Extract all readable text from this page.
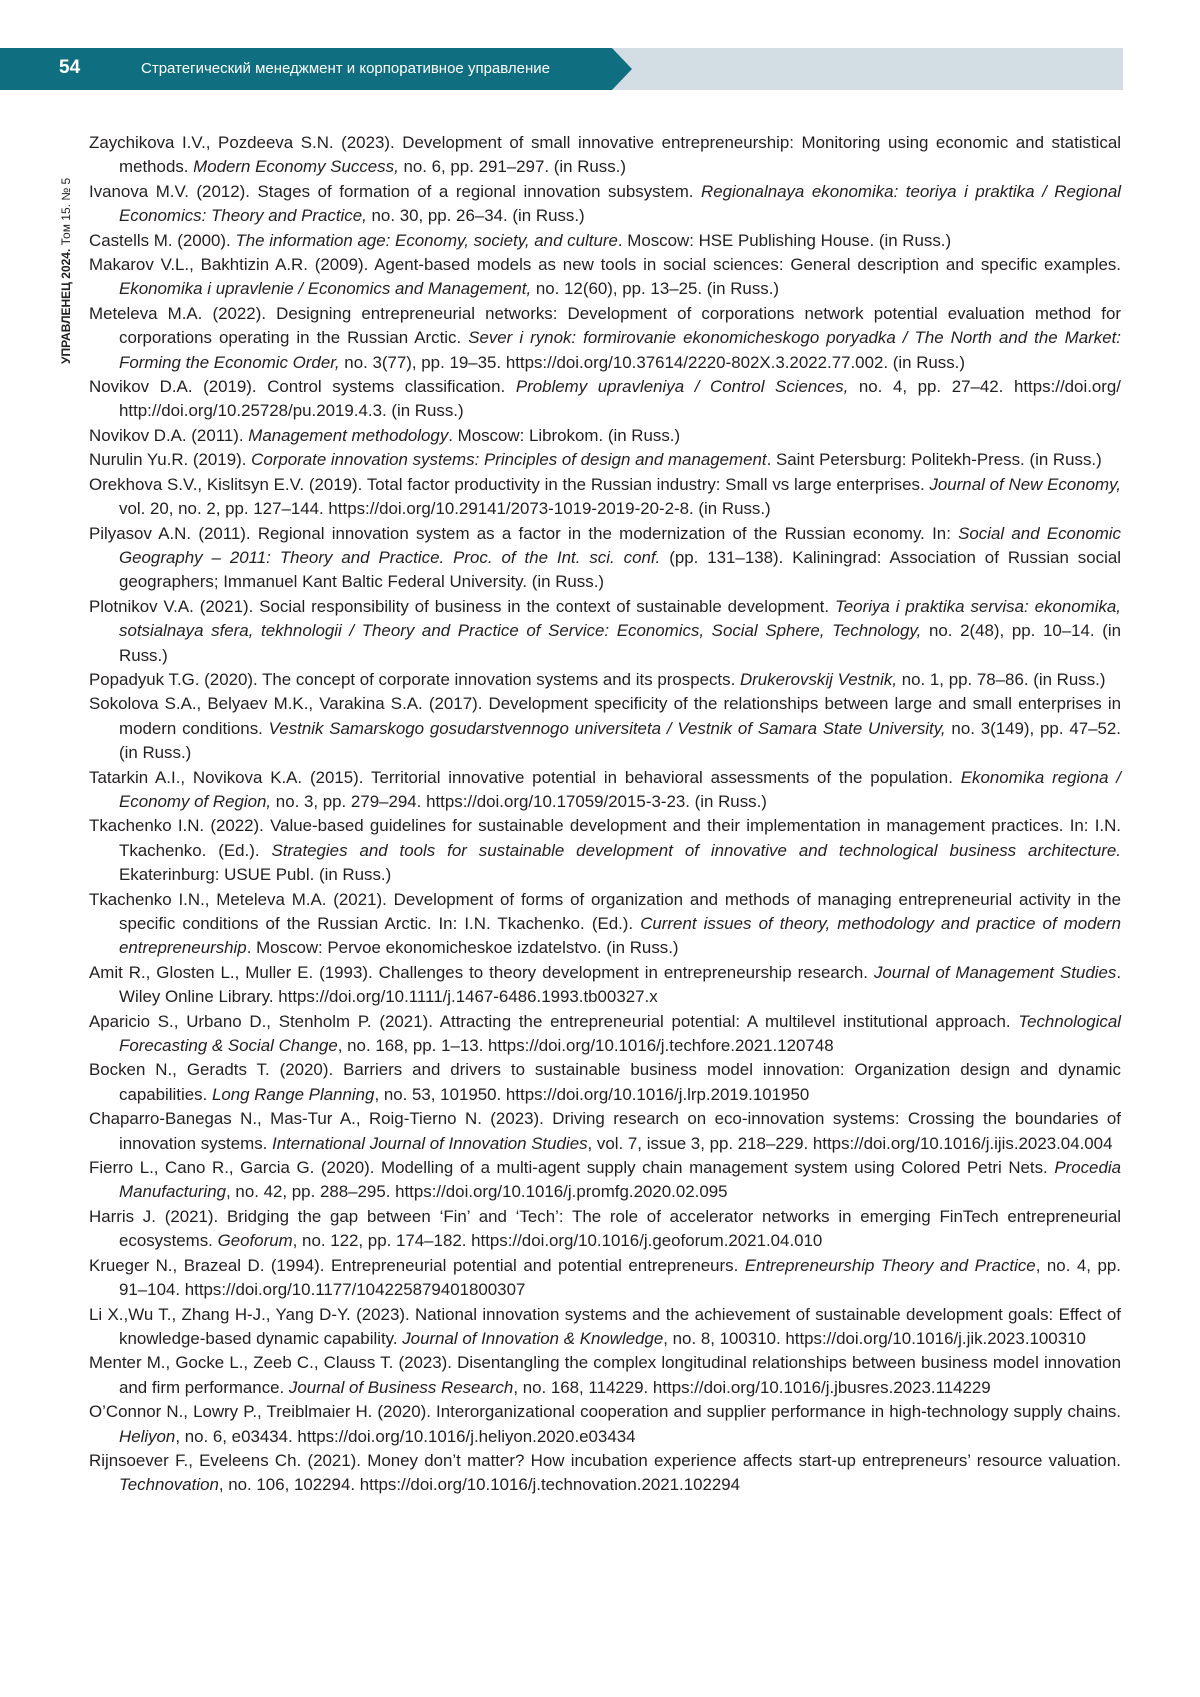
54	Стратегический менеджмент и корпоративное управление
УПРАВЛЕНЕЦ 2024. Том 15. № 5

Zaychikova I.V., Pozdeeva S.N. (2023). Development of small innovative entrepreneurship: Monitoring using economic and statistical methods. Modern Economy Success, no. 6, pp. 291–297. (in Russ.)

Ivanova M.V. (2012). Stages of formation of a regional innovation subsystem. Regionalnaya ekonomika: teoriya i praktika / Regional Economics: Theory and Practice, no. 30, pp. 26–34. (in Russ.)

Castells M. (2000). The information age: Economy, society, and culture. Moscow: HSE Publishing House. (in Russ.)

Makarov V.L., Bakhtizin A.R. (2009). Agent-based models as new tools in social sciences: General description and specific examples. Ekonomika i upravlenie / Economics and Management, no. 12(60), pp. 13–25. (in Russ.)

Meteleva M.A. (2022). Designing entrepreneurial networks: Development of corporations network potential evaluation method for corporations operating in the Russian Arctic. Sever i rynok: formirovanie ekonomicheskogo poryadka / The North and the Market: Forming the Economic Order, no. 3(77), pp. 19–35. https://doi.org/10.37614/2220-802X.3.2022.77.002. (in Russ.)

Novikov D.A. (2019). Control systems classification. Problemy upravleniya / Control Sciences, no. 4, pp. 27–42. https://doi.org/ http://doi.org/10.25728/pu.2019.4.3. (in Russ.)

Novikov D.A. (2011). Management methodology. Moscow: Librokom. (in Russ.)

Nurulin Yu.R. (2019). Corporate innovation systems: Principles of design and management. Saint Petersburg: Politekh-Press. (in Russ.)

Orekhova S.V., Kislitsyn E.V. (2019). Total factor productivity in the Russian industry: Small vs large enterprises. Journal of New Economy, vol. 20, no. 2, pp. 127–144. https://doi.org/10.29141/2073-1019-2019-20-2-8. (in Russ.)

Pilyasov A.N. (2011). Regional innovation system as a factor in the modernization of the Russian economy. In: Social and Economic Geography – 2011: Theory and Practice. Proc. of the Int. sci. conf. (pp. 131–138). Kaliningrad: Association of Russian social geographers; Immanuel Kant Baltic Federal University. (in Russ.)

Plotnikov V.A. (2021). Social responsibility of business in the context of sustainable development. Teoriya i praktika servisa: ekonomika, sotsialnaya sfera, tekhnologii / Theory and Practice of Service: Economics, Social Sphere, Technology, no. 2(48), pp. 10–14. (in Russ.)

Popadyuk T.G. (2020). The concept of corporate innovation systems and its prospects. Drukerovskij Vestnik, no. 1, pp. 78–86. (in Russ.)

Sokolova S.A., Belyaev M.K., Varakina S.A. (2017). Development specificity of the relationships between large and small enterprises in modern conditions. Vestnik Samarskogo gosudarstvennogo universiteta / Vestnik of Samara State University, no. 3(149), pp. 47–52. (in Russ.)

Tatarkin A.I., Novikova K.A. (2015). Territorial innovative potential in behavioral assessments of the population. Ekonomika regiona / Economy of Region, no. 3, pp. 279–294. https://doi.org/10.17059/2015-3-23. (in Russ.)

Tkachenko I.N. (2022). Value-based guidelines for sustainable development and their implementation in management practices. In: I.N. Tkachenko. (Ed.). Strategies and tools for sustainable development of innovative and technological business architecture. Ekaterinburg: USUE Publ. (in Russ.)

Tkachenko I.N., Meteleva M.A. (2021). Development of forms of organization and methods of managing entrepreneurial activity in the specific conditions of the Russian Arctic. In: I.N. Tkachenko. (Ed.). Current issues of theory, methodology and practice of modern entrepreneurship. Moscow: Pervoe ekonomicheskoe izdatelstvo. (in Russ.)

Amit R., Glosten L., Muller E. (1993). Challenges to theory development in entrepreneurship research. Journal of Management Studies. Wiley Online Library. https://doi.org/10.1111/j.1467-6486.1993.tb00327.x

Aparicio S., Urbano D., Stenholm P. (2021). Attracting the entrepreneurial potential: A multilevel institutional approach. Technological Forecasting & Social Change, no. 168, pp. 1–13. https://doi.org/10.1016/j.techfore.2021.120748

Bocken N., Geradts T. (2020). Barriers and drivers to sustainable business model innovation: Organization design and dynamic capabilities. Long Range Planning, no. 53, 101950. https://doi.org/10.1016/j.lrp.2019.101950

Chaparro-Banegas N., Mas-Tur A., Roig-Tierno N. (2023). Driving research on eco-innovation systems: Crossing the boundaries of innovation systems. International Journal of Innovation Studies, vol. 7, issue 3, pp. 218–229. https://doi.org/10.1016/j.ijis.2023.04.004

Fierro L., Cano R., Garcia G. (2020). Modelling of a multi-agent supply chain management system using Colored Petri Nets. Procedia Manufacturing, no. 42, pp. 288–295. https://doi.org/10.1016/j.promfg.2020.02.095

Harris J. (2021). Bridging the gap between ‘Fin’ and ‘Tech’: The role of accelerator networks in emerging FinTech entrepreneurial ecosystems. Geoforum, no. 122, pp. 174–182. https://doi.org/10.1016/j.geoforum.2021.04.010

Krueger N., Brazeal D. (1994). Entrepreneurial potential and potential entrepreneurs. Entrepreneurship Theory and Practice, no. 4, pp. 91–104. https://doi.org/10.1177/104225879401800307

Li X.,Wu T., Zhang H-J., Yang D-Y. (2023). National innovation systems and the achievement of sustainable development goals: Effect of knowledge-based dynamic capability. Journal of Innovation & Knowledge, no. 8, 100310. https://doi.org/10.1016/j.jik.2023.100310

Menter M., Gocke L., Zeeb C., Clauss T. (2023). Disentangling the complex longitudinal relationships between business model innovation and firm performance. Journal of Business Research, no. 168, 114229. https://doi.org/10.1016/j.jbusres.2023.114229

O’Connor N., Lowry P., Treiblmaier H. (2020). Interorganizational cooperation and supplier performance in high-technology supply chains. Heliyon, no. 6, e03434. https://doi.org/10.1016/j.heliyon.2020.e03434

Rijnsoever F., Eveleens Ch. (2021). Money don’t matter? How incubation experience affects start-up entrepreneurs’ resource valuation. Technovation, no. 106, 102294. https://doi.org/10.1016/j.technovation.2021.102294
